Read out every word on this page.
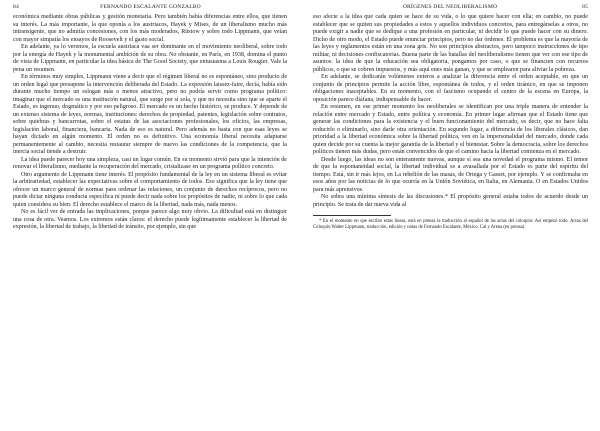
84	FERNANDO ESCALANTE GONZALBO

económica mediante obras públicas y gestión monetaria. Pero también había diferencias entre ellos, que tienen su interés. La más importante, la que oponía a los austriacos, Hayek y Mises, de un liberalismo mucho más intransigente, que no admitía concesiones, con los más moderados, Rüstow y sobre todo Lippmann, que veían con mayor simpatía los ensayos de Roosevelt y el gasto social.

En adelante, ya lo veremos, la escuela austriaca vaa ser dominante en el movimiento neoliberal, sobre todo por la energía de Hayek y la monumental ambición de su obra. No obstante, en París, en 1938, domina el punto de vista de Lippmann, en particular la idea básica de The Good Society, que entusiasma a Louis Rougier. Vale la pena un resumen.

En términos muy simples, Lippmann viene a decir que el régimen liberal no es espontáneo, sino producto de un orden legal que presupone la intervención deliberada del Estado. La expresión laissez-faire, decía, había sido durante mucho tiempo un eslogan más o menos atractivo, pero no podría servir como programa político: imaginar que el mercado es una institución natural, que surge por sí sola, y que no necesita sino que se aparte el Estado, es ingenuo, dogmático y por eso peligroso. El mercado es un hecho histórico, se produce. Y depende de un extenso sistema de leyes, normas, instituciones: derechos de propiedad, patentes, legislación sobre contratos, sobre quiebras y bancarrotas, sobre el estatus de las asociaciones profesionales, los oficios, las empresas, legislación laboral, financiera, bancaria. Nada de eso es natural. Pero además no basta con que esas leyes se hayan dictado en algún momento. El orden no es definitivo. Una economía liberal necesita adaptarse permanentemente al cambio, necesita restaurar siempre de nuevo las condiciones de la competencia, que la inercia social tiende a destruir.

La idea puede parecer hoy una simpleza, casi un lugar común. En su momento sirvió para que la intención de renovar el liberalismo, mediante la recuperación del mercado, cristalizase en un programa político concreto.

Otro argumento de Lippmann tiene interés. El propósito fundamental de la ley en un sistema liberal es evitar la arbitrariedad, establecer las expectativas sobre el comportamiento de todos. Eso significa que la ley tiene que ofrecer un marco general de normas para ordenar las relaciones, un conjunto de derechos recíprocos, pero no puede dictar ninguna conducta específica ni puede decir nada sobre los propósitos de nadie, ni sobre lo que cada quien considera su bien. El derecho establece el marco de la libertad, nada más, nada menos.

No es fácil ver de entrada las implicaciones, porque parece algo muy obvio. La dificultad está en distinguir una cosa de otra. Veamos. Los extremos están claros: el derecho puede legítimamente establecer la libertad de expresión, la libertad de trabajo, la libertad de tránsito, por ejemplo, sin que

ORÍGENES DEL NEOLIBERALISMO	85

eso afecte a la idea que cada quien se hace de su vida, o lo que quiere hacer con ella; en cambio, no puede establecer que se quiten sus propiedades a estos y aquellos individuos concretos, para entregárselas a otros, no puede exigir a nadie que se dedique a una profesión en particular, ni decidir lo que puede hacer con su dinero. Dicho de otro modo, el Estado puede enunciar principios, pero no dar órdenes. El problema es que la mayoría de las leyes y reglamentos están en una zona gris. No son principios abstractos, pero tampoco instrucciones de tipo militar, ni decisiones confiscatorias. Buena parte de las batallas del neoliberalismo tienen que ver con ese tipo de asuntos: la idea de que la educación sea obligatoria, pongamos por caso, o que se financien con recursos públicos, o que se cobren impuestos, y más aquí enes más ganan, y que se emplearen para aliviar la pobreza.

En adelante, se dedicarán volúmenes enteros a analizar la diferencia entre el orden aceptable, en que un conjunto de principios permite la acción libre, espontánea de todos, y el orden tiránico, en que se imponen obligaciones inaceptables. En su momento, con el fascismo ocupando el centro de la escena en Europa, la oposición parece diáfana, indispensable de hacer.

En resumen, en ese primer momento los neoliberales se identifican por una triple manera de entender la relación entre mercado y Estado, entre política y economía. En primer lugar afirman que el Estado tiene que generar las condiciones para la existencia y el buen funcionamiento del mercado, es decir, que no hace falta reducirlo o eliminarlo, sino darle otra orientación. En segundo lugar, a diferencia de los liberales clásicos, dan prioridad a la libertad económica sobre la libertad política, ven en la impersonalidad del mercado, donde cada quien decide por su cuenta la mejor garantía de la libertad y el bienestar. Sobre la democracia, sobre los derechos políticos tienen más dudas, pero están convencidos de que el camino hacia la libertad comienza en el mercado.

Desde luego, las ideas no son enteramente nuevas, aunque sí sea una novedad el programa mismo. El temor de que la espontaneidad social, la libertad individual se a avasallada por el Estado es parte del espíritu del tiempo. Está, sin ir más lejos, en La rebelión de las masas, de Ortega y Gasset, por ejemplo. Y se confirmaba en esos años por las noticias de lo que ocurría en la Unión Soviética, en Italia, en Alemania. O en Estados Unidos para más aprensivos.

No sobra una mínima síntesis de las discusiones.* El propósito general estaba todos de acuerdo desde un principio. Se trata de dar nueva vida al

* En el momento en que escribo estas líneas, está en prensa la traducción al español de las actas del coloquio: Así empezó todo. Actas del Coloquio Walter Lippmann, traducción, edición y notas de Fernando Escalante, México, Cal y Arena (en prensa).
